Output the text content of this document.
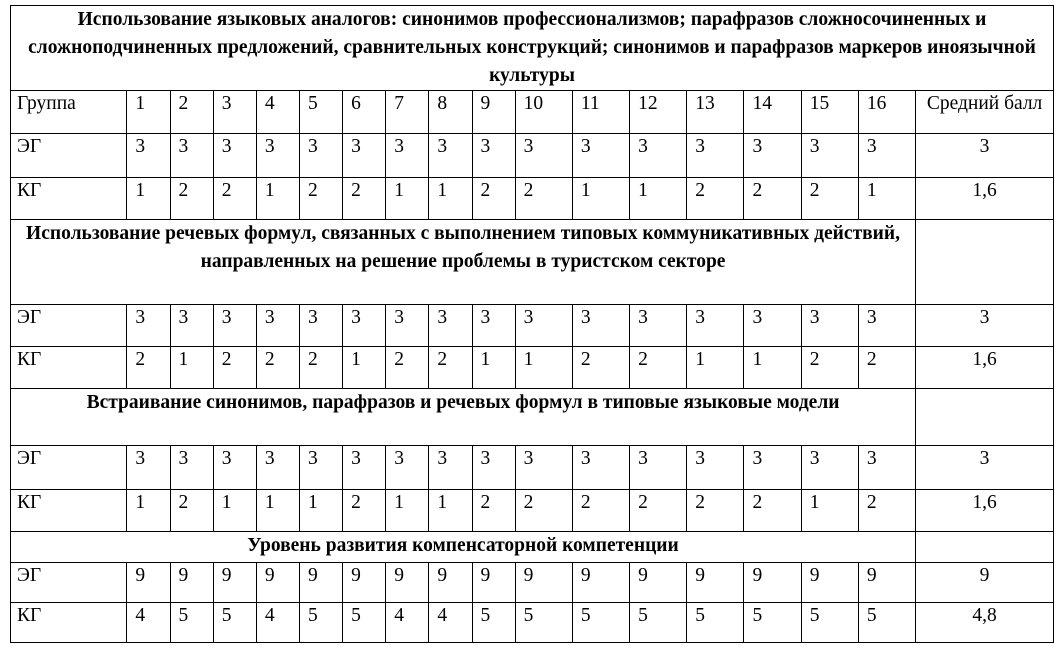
Использование языковых аналогов: синонимов профессионализмов; парафразов сложносочиненных и сложноподчиненных предложений, сравнительных конструкций; синонимов и парафразов маркеров иноязычной культуры																	
Группа	1	2	3	4	5	6	7	8	9	10	11	12	13	14	15	16	Средний балл
ЭГ	3	3	3	3	3	3	3	3	3	3	3	3	3	3	3	3	3
КГ	1	2	2	1	2	2	1	1	2	2	1	1	2	2	2	1	1,6
Использование речевых формул, связанных с выполнением типовых коммуникативных действий, направленных на решение проблемы в туристском секторе																	
ЭГ	3	3	3	3	3	3	3	3	3	3	3	3	3	3	3	3	3
КГ	2	1	2	2	2	1	2	2	1	1	2	2	1	1	2	2	1,6
Встраивание синонимов, парафразов и речевых формул в типовые языковые модели																	
ЭГ	3	3	3	3	3	3	3	3	3	3	3	3	3	3	3	3	3
КГ	1	2	1	1	1	2	1	1	2	2	2	2	2	2	1	2	1,6
Уровень развития компенсаторной компетенции																	
ЭГ	9	9	9	9	9	9	9	9	9	9	9	9	9	9	9	9	9
КГ	4	5	5	4	5	5	4	4	5	5	5	5	5	5	5	5	4,8
